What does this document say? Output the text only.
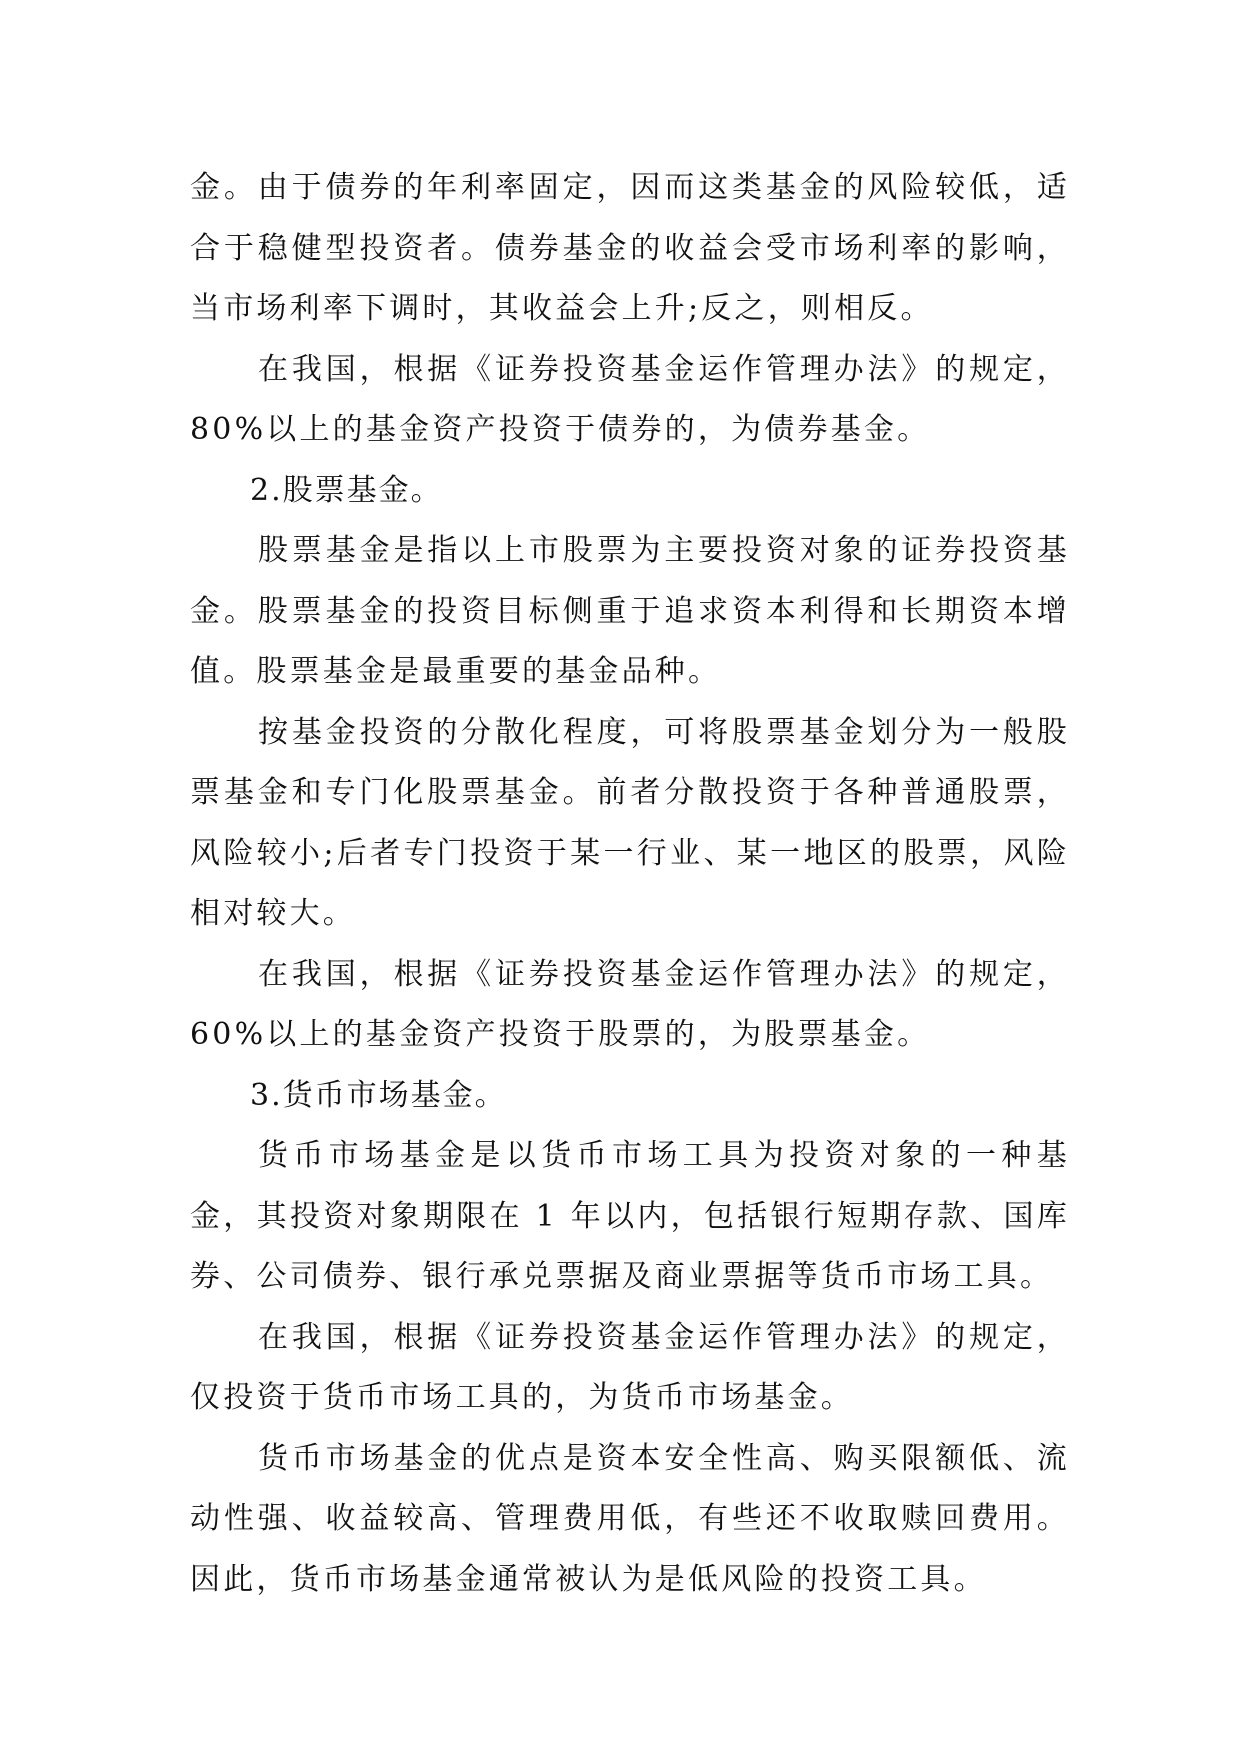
金。由于债券的年利率固定，因而这类基金的风险较低，适合于稳健型投资者。债券基金的收益会受市场利率的影响，当市场利率下调时，其收益会上升;反之，则相反。

在我国，根据《证券投资基金运作管理办法》的规定，80%以上的基金资产投资于债券的，为债券基金。

2.股票基金。

股票基金是指以上市股票为主要投资对象的证券投资基金。股票基金的投资目标侧重于追求资本利得和长期资本增值。股票基金是最重要的基金品种。

按基金投资的分散化程度，可将股票基金划分为一般股票基金和专门化股票基金。前者分散投资于各种普通股票，风险较小;后者专门投资于某一行业、某一地区的股票，风险相对较大。

在我国，根据《证券投资基金运作管理办法》的规定，60%以上的基金资产投资于股票的，为股票基金。

3.货币市场基金。

货币市场基金是以货币市场工具为投资对象的一种基金，其投资对象期限在 1 年以内，包括银行短期存款、国库券、公司债券、银行承兑票据及商业票据等货币市场工具。

在我国，根据《证券投资基金运作管理办法》的规定，仅投资于货币市场工具的，为货币市场基金。

货币市场基金的优点是资本安全性高、购买限额低、流动性强、收益较高、管理费用低，有些还不收取赎回费用。因此，货币市场基金通常被认为是低风险的投资工具。
